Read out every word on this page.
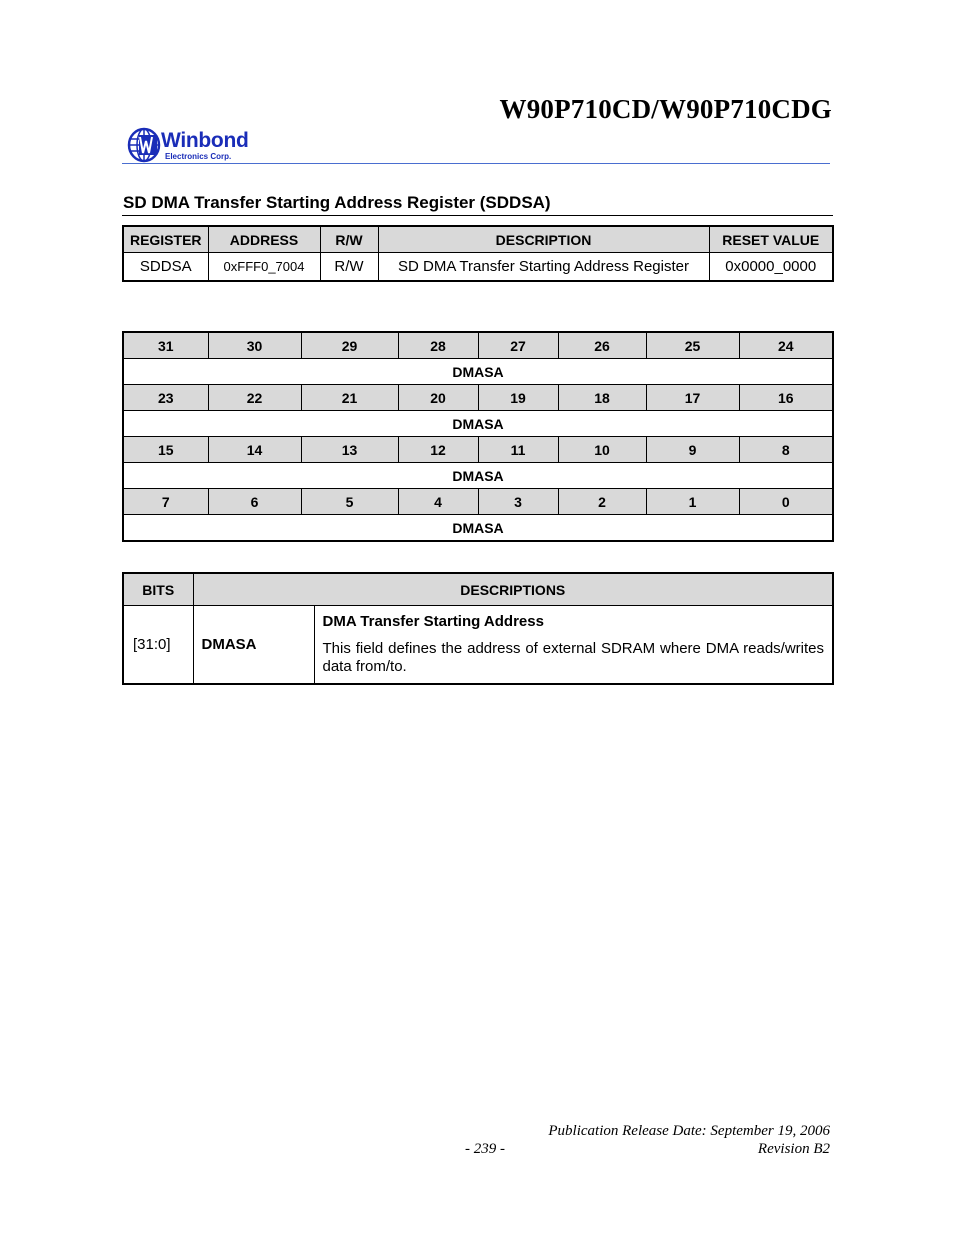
W90P710CD/W90P710CDG
Winbond
Electronics Corp.
SD DMA Transfer Starting Address Register (SDDSA)
REGISTER	ADDRESS	R/W	DESCRIPTION	RESET VALUE
SDDSA	0xFFF0_7004	R/W	SD DMA Transfer Starting Address Register	0x0000_0000
31	30	29	28	27	26	25	24
DMASA							
23	22	21	20	19	18	17	16
DMASA							
15	14	13	12	11	10	9	8
DMASA							
7	6	5	4	3	2	1	0
DMASA							
BITS	DESCRIPTIONS	
[31:0]	DMASA	DMA Transfer Starting Address

This field defines the address of external SDRAM where DMA reads/writes data from/to.

Publication Release Date: September 19, 2006
- 239 -	Revision B2
